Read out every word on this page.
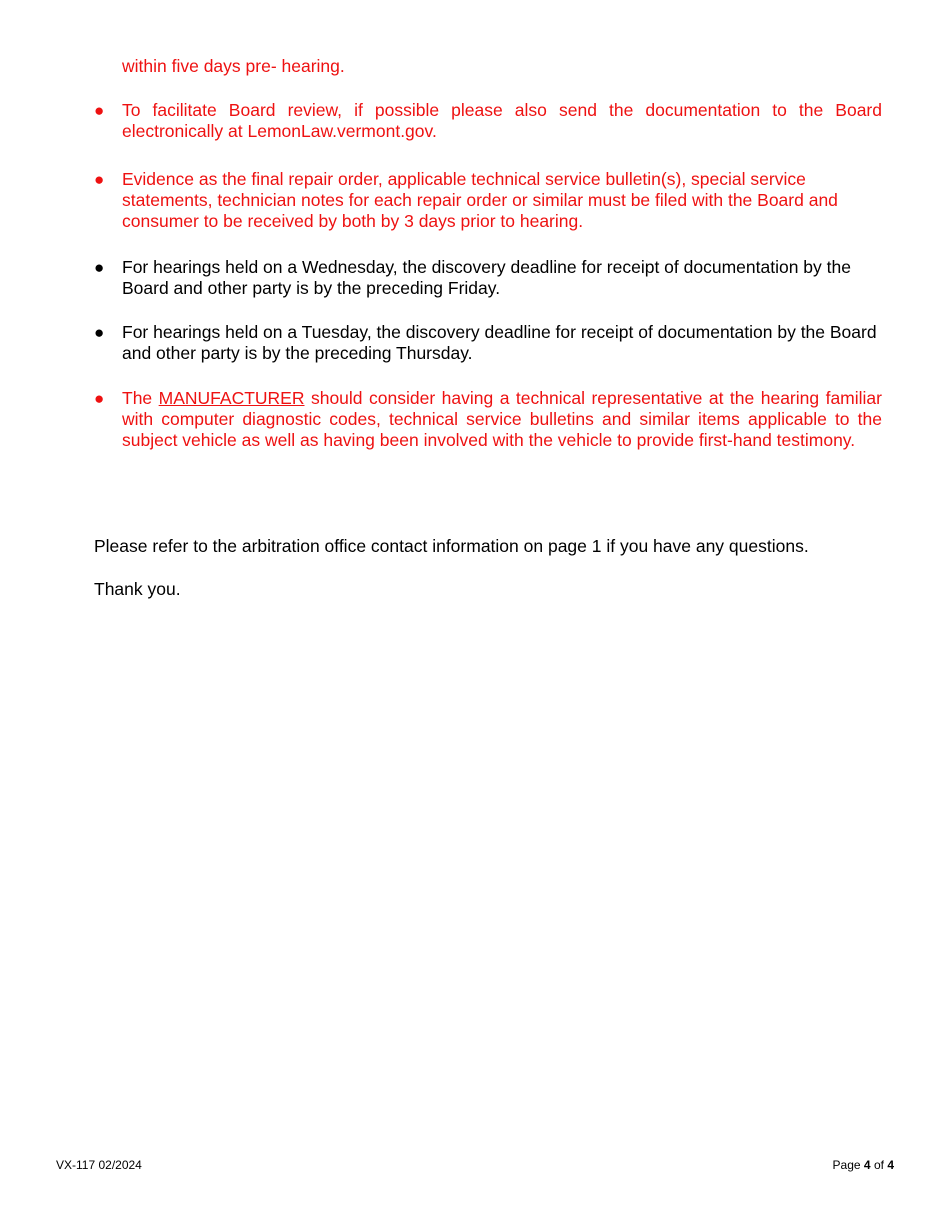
within five days pre- hearing.

● To facilitate Board review, if possible please also send the documentation to the Board electronically at LemonLaw.vermont.gov.

● Evidence as the final repair order, applicable technical service bulletin(s), special service statements, technician notes for each repair order or similar must be filed with the Board and consumer to be received by both by 3 days prior to hearing.

● For hearings held on a Wednesday, the discovery deadline for receipt of documentation by the Board and other party is by the preceding Friday.

● For hearings held on a Tuesday, the discovery deadline for receipt of documentation by the Board and other party is by the preceding Thursday.

● The MANUFACTURER should consider having a technical representative at the hearing familiar with computer diagnostic codes, technical service bulletins and similar items applicable to the subject vehicle as well as having been involved with the vehicle to provide first-hand testimony.

Please refer to the arbitration office contact information on page 1 if you have any questions.

Thank you.

VX-117 02/2024	Page 4 of 4
